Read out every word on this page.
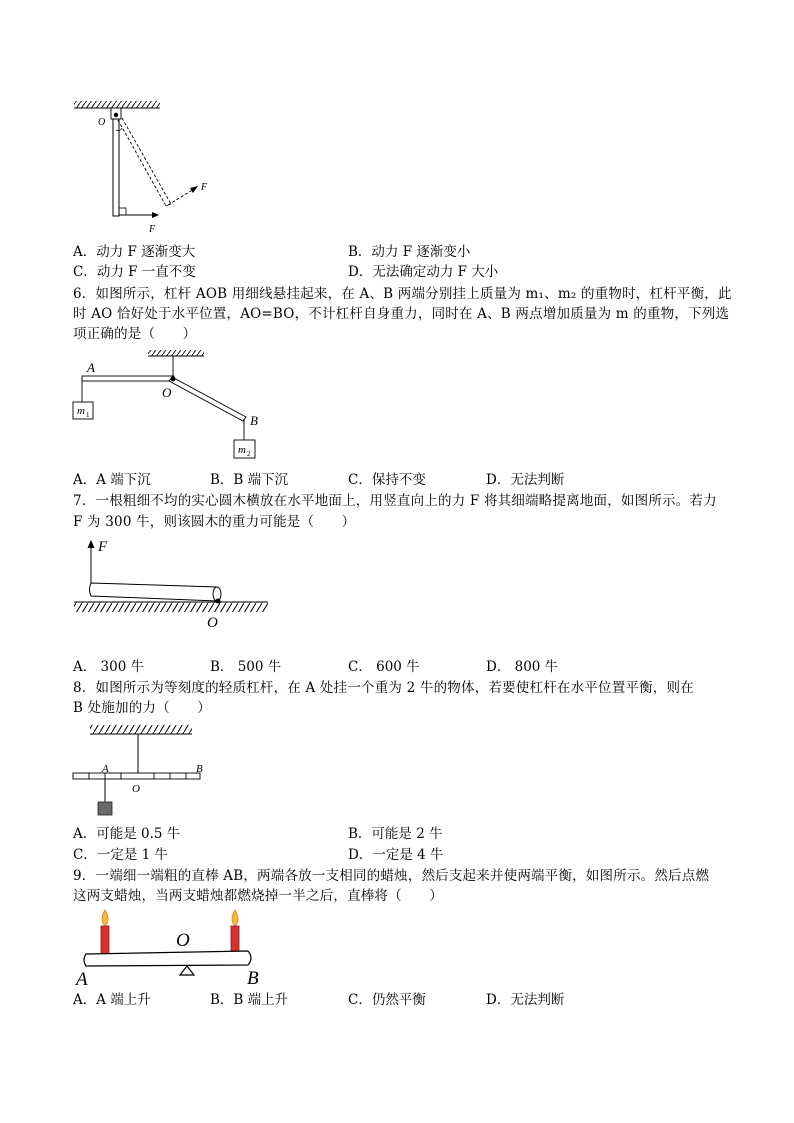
O
F
F
A．动力 F 逐渐变大	B．动力 F 逐渐变小
C．动力 F 一直不变	D．无法确定动力 F 大小
6．如图所示，杠杆 AOB 用细线悬挂起来，在 A、B 两端分别挂上质量为 m₁、m₂ 的重物时，杠杆平衡，此
时 AO 恰好处于水平位置，AO=BO，不计杠杆自身重力，同时在 A、B 两点增加质量为 m 的重物，下列选
项正确的是（　　）
A
O
B
m 1
m 2
A．A 端下沉	B．B 端下沉	C．保持不变	D．无法判断
7．一根粗细不均的实心圆木横放在水平地面上，用竖直向上的力 F 将其细端略提离地面，如图所示。若力
F 为 300 牛，则该圆木的重力可能是（　　）
F
O
A． 300 牛	B． 500 牛	C． 600 牛	D． 800 牛
8．如图所示为等刻度的轻质杠杆，在 A 处挂一个重为 2 牛的物体，若要使杠杆在水平位置平衡，则在
B 处施加的力（　　）
A
O
B
A．可能是 0.5 牛	B．可能是 2 牛
C．一定是 1 牛	D．一定是 4 牛
9．一端细一端粗的直棒 AB，两端各放一支相同的蜡烛，然后支起来并使两端平衡，如图所示。然后点燃
这两支蜡烛，当两支蜡烛都燃烧掉一半之后，直棒将（　　）
O
A	B
A．A 端上升	B．B 端上升	C．仍然平衡	D．无法判断
